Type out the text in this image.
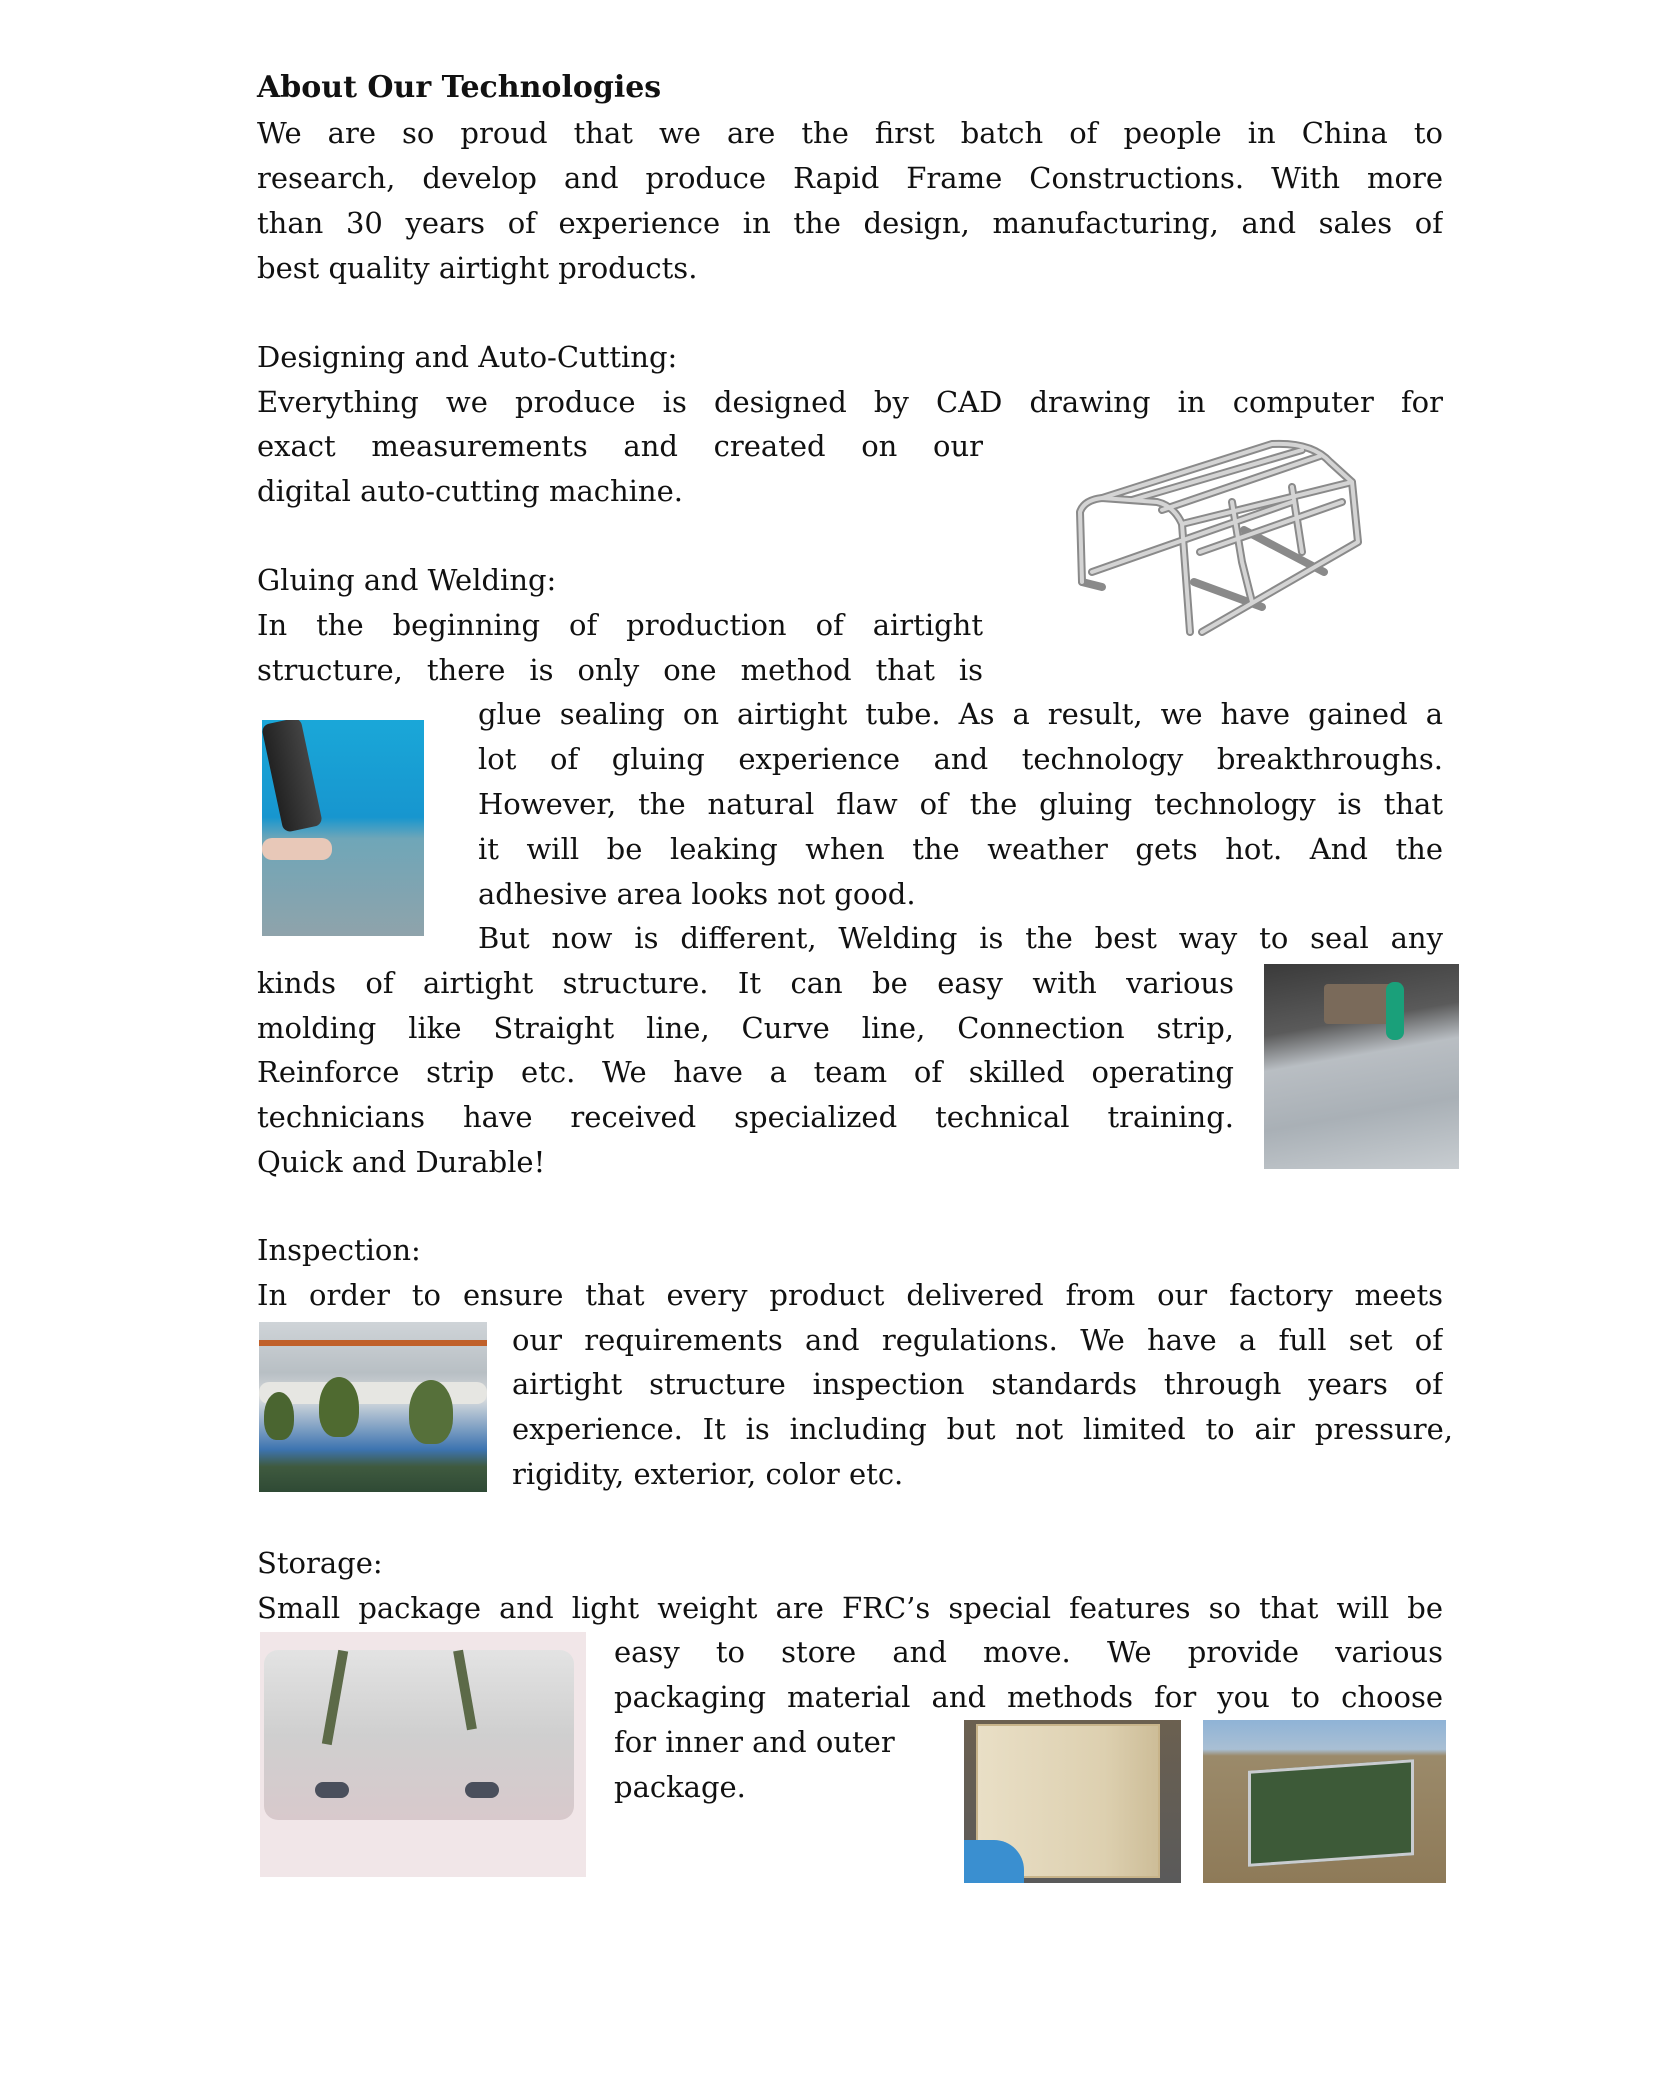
About Our Technologies
We are so proud that we are the first batch of people in China to
research, develop and produce Rapid Frame Constructions. With more
than 30 years of experience in the design, manufacturing, and sales of
best quality airtight products.
Designing and Auto-Cutting:
Everything we produce is designed by CAD drawing in computer for
exact measurements and created on our
digital auto-cutting machine.
Gluing and Welding:
In the beginning of production of airtight
structure, there is only one method that is
glue sealing on airtight tube. As a result, we have gained a
lot of gluing experience and technology breakthroughs.
However, the natural flaw of the gluing technology is that
it will be leaking when the weather gets hot. And the
adhesive area looks not good.
But now is different, Welding is the best way to seal any
kinds of airtight structure. It can be easy with various
molding like Straight line, Curve line, Connection strip,
Reinforce strip etc. We have a team of skilled operating
technicians have received specialized technical training.
Quick and Durable!
Inspection:
In order to ensure that every product delivered from our factory meets
our requirements and regulations. We have a full set of
airtight structure inspection standards through years of
experience. It is including but not limited to air pressure,
rigidity, exterior, color etc.
Storage:
Small package and light weight are FRC’s special features so that will be
easy to store and move. We provide various
packaging material and methods for you to choose
for inner and outer
package.
